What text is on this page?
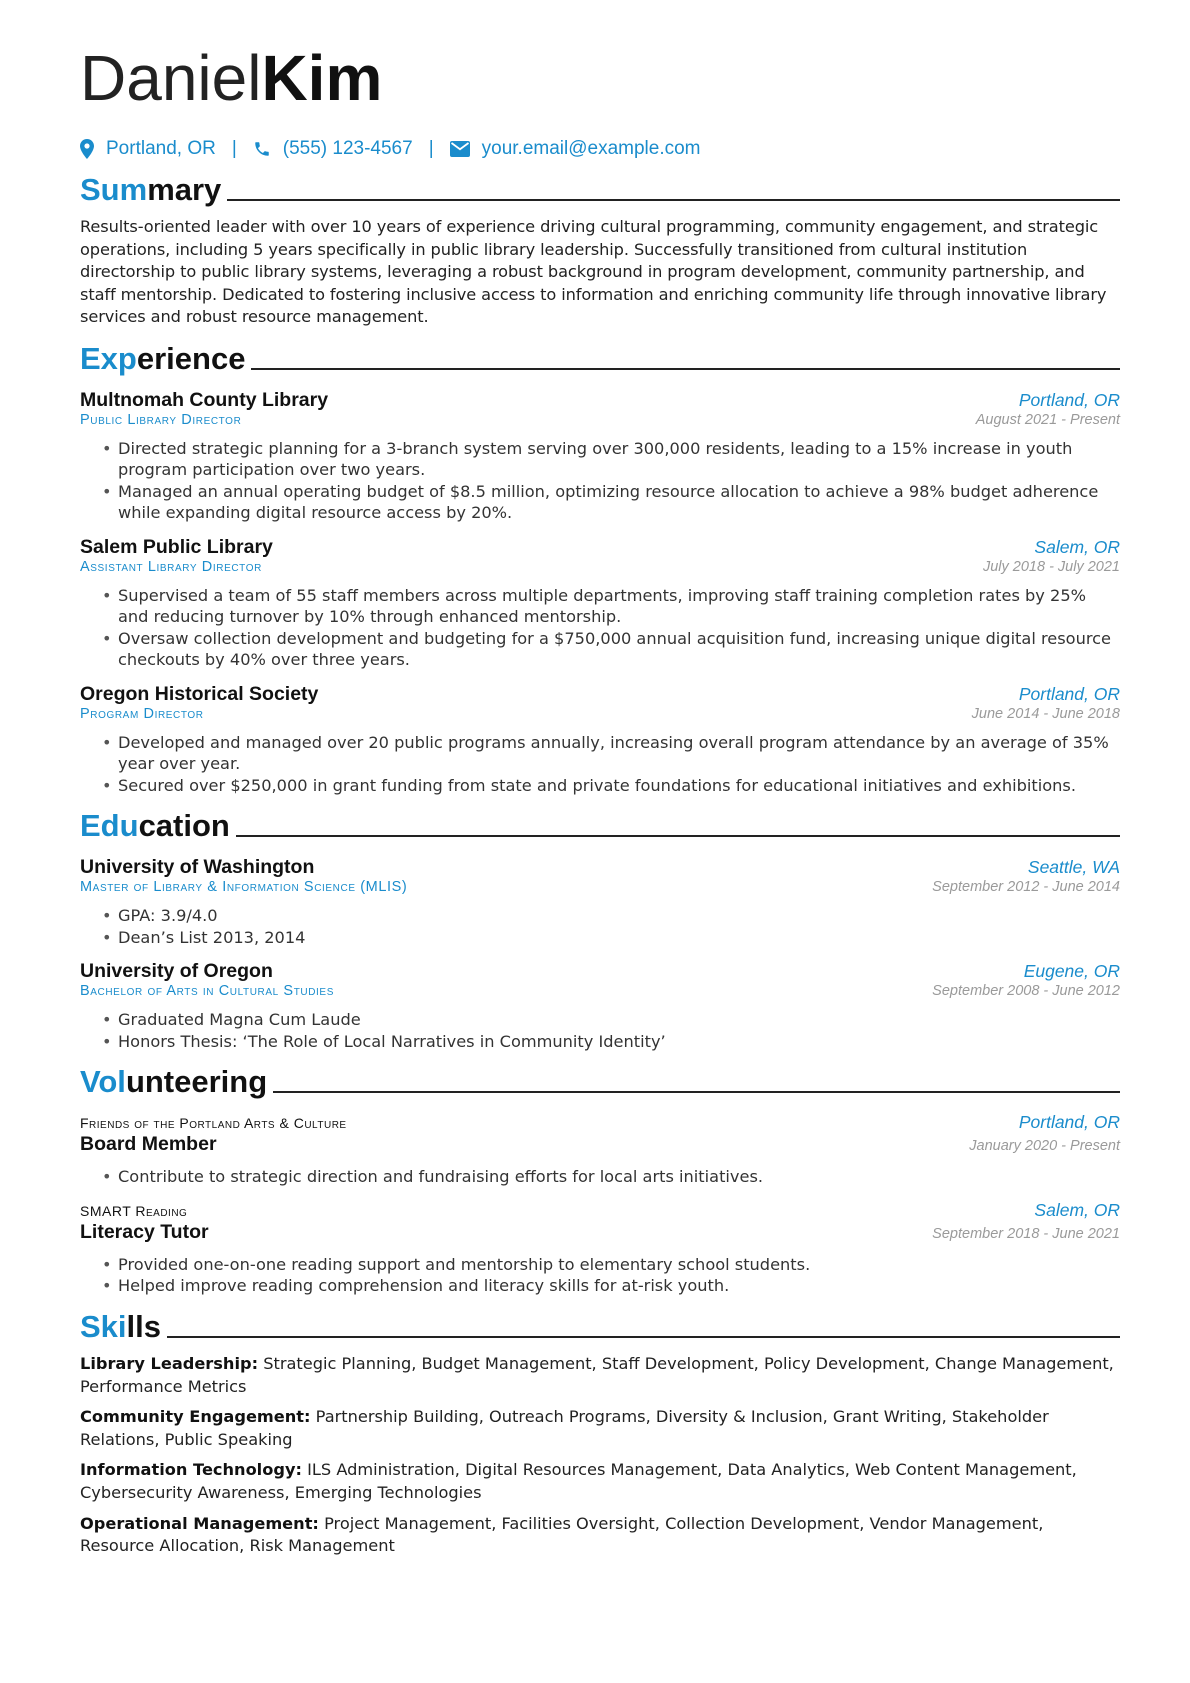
DanielKim
Portland, OR | (555) 123-4567 |	your.email@example.com
Summary
Results-oriented leader with over 10 years of experience driving cultural programming, community engagement, and strategic operations, including 5 years specifically in public library leadership. Successfully transitioned from cultural institution directorship to public library systems, leveraging a robust background in program development, community partnership, and staff mentorship. Dedicated to fostering inclusive access to information and enriching community life through innovative library services and robust resource management.
Experience
Multnomah County Library	Portland, OR
Public Library Director	August 2021 - Present
• Directed strategic planning for a 3-branch system serving over 300,000 residents, leading to a 15% increase in youth program participation over two years.
• Managed an annual operating budget of $8.5 million, optimizing resource allocation to achieve a 98% budget adherence while expanding digital resource access by 20%.
Salem Public Library	Salem, OR
Assistant Library Director	July 2018 - July 2021
• Supervised a team of 55 staff members across multiple departments, improving staff training completion rates by 25% and reducing turnover by 10% through enhanced mentorship.
• Oversaw collection development and budgeting for a $750,000 annual acquisition fund, increasing unique digital resource checkouts by 40% over three years.
Oregon Historical Society	Portland, OR
Program Director	June 2014 - June 2018
• Developed and managed over 20 public programs annually, increasing overall program attendance by an average of 35% year over year.
• Secured over $250,000 in grant funding from state and private foundations for educational initiatives and exhibitions.
Education
University of Washington	Seattle, WA
Master of Library & Information Science (MLIS)	September 2012 - June 2014
• GPA: 3.9/4.0
• Dean’s List 2013, 2014
University of Oregon	Eugene, OR
Bachelor of Arts in Cultural Studies	September 2008 - June 2012
• Graduated Magna Cum Laude
• Honors Thesis: ‘The Role of Local Narratives in Community Identity’
Volunteering
Friends of the Portland Arts & Culture	Portland, OR
Board Member	January 2020 - Present
• Contribute to strategic direction and fundraising efforts for local arts initiatives.
SMART Reading	Salem, OR
Literacy Tutor	September 2018 - June 2021
• Provided one-on-one reading support and mentorship to elementary school students.
• Helped improve reading comprehension and literacy skills for at-risk youth.
Skills
Library Leadership: Strategic Planning, Budget Management, Staff Development, Policy Development, Change Management, Performance Metrics
Community Engagement: Partnership Building, Outreach Programs, Diversity & Inclusion, Grant Writing, Stakeholder Relations, Public Speaking
Information Technology: ILS Administration, Digital Resources Management, Data Analytics, Web Content Management, Cybersecurity Awareness, Emerging Technologies
Operational Management: Project Management, Facilities Oversight, Collection Development, Vendor Management, Resource Allocation, Risk Management
